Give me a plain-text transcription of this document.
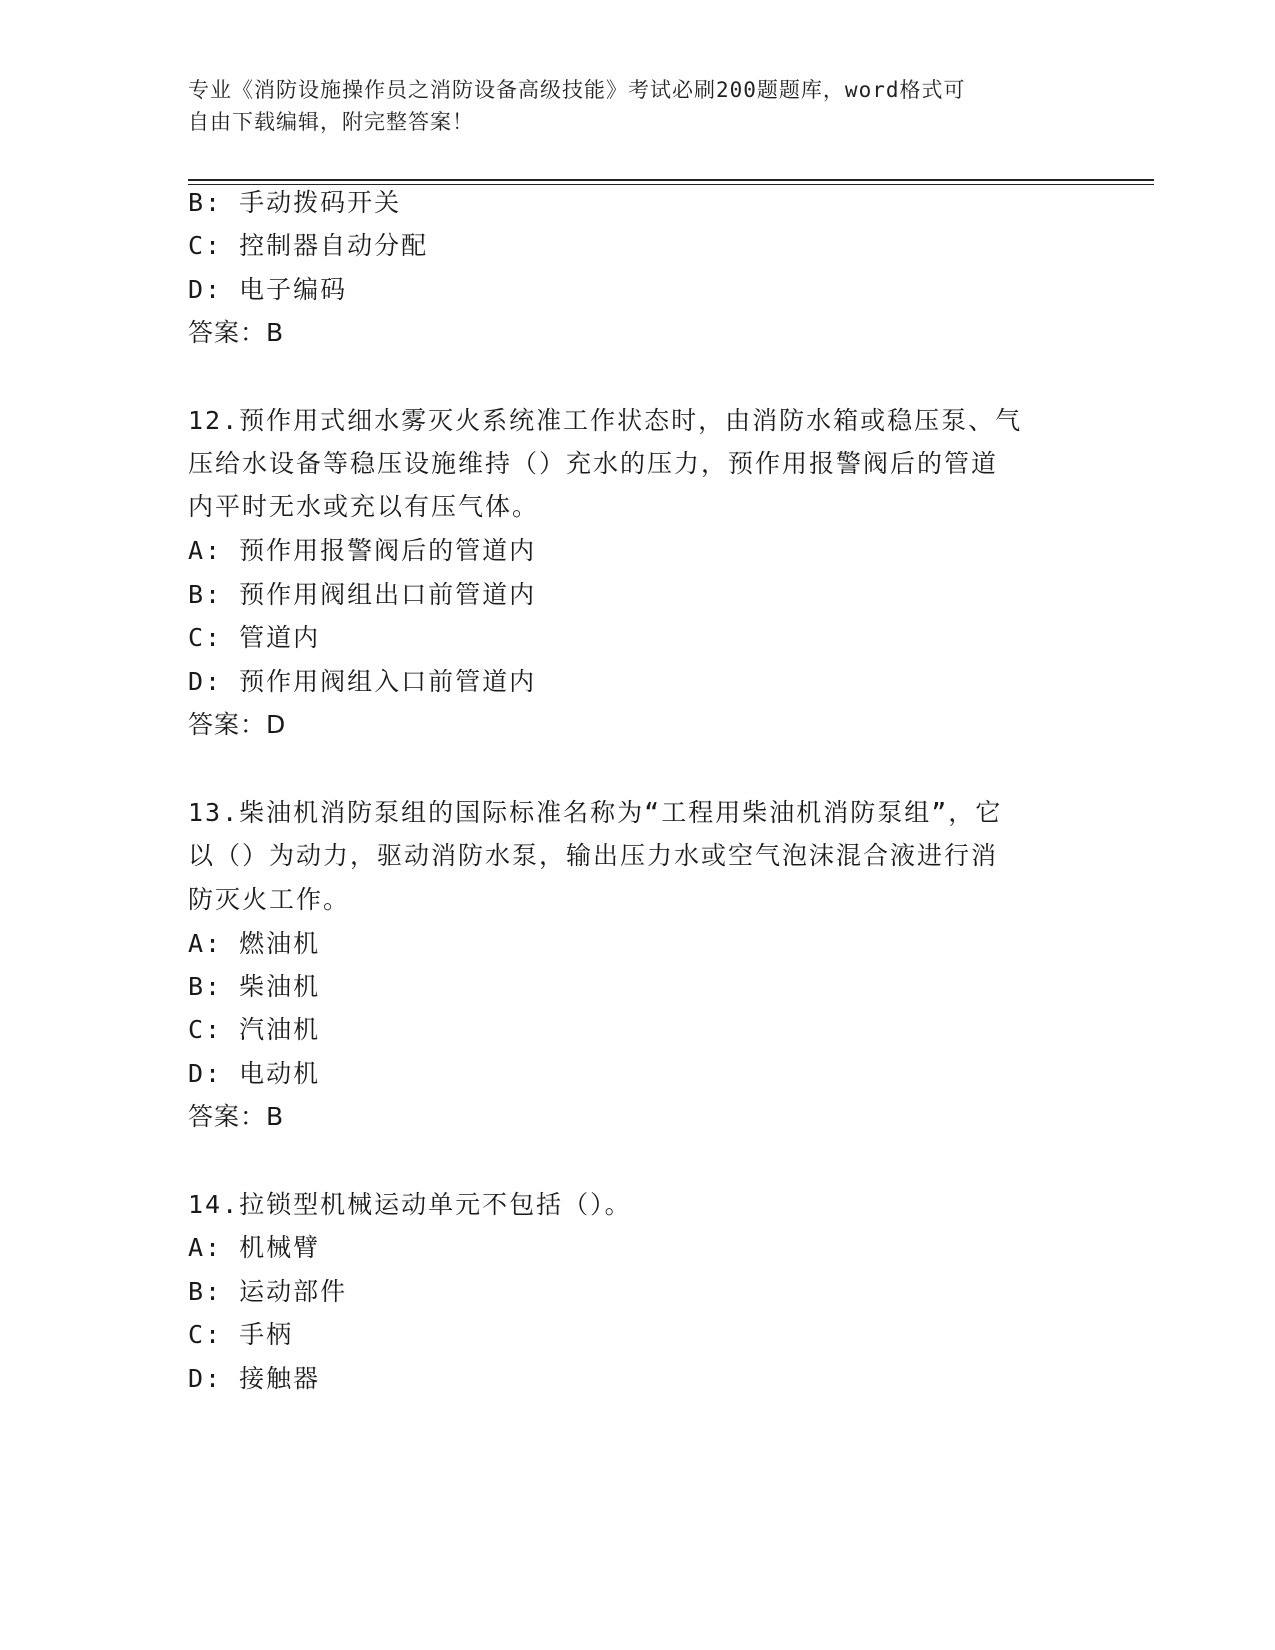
专业《消防设施操作员之消防设备高级技能》考试必刷200题题库，word格式可
自由下载编辑，附完整答案！
B: 手动拨码开关
C: 控制器自动分配
D: 电子编码
答案：B
12.预作用式细水雾灭火系统准工作状态时，由消防水箱或稳压泵、气
压给水设备等稳压设施维持（）充水的压力，预作用报警阀后的管道
内平时无水或充以有压气体。
A: 预作用报警阀后的管道内
B: 预作用阀组出口前管道内
C: 管道内
D: 预作用阀组入口前管道内
答案：D
13.柴油机消防泵组的国际标准名称为“工程用柴油机消防泵组”，它
以（）为动力，驱动消防水泵，输出压力水或空气泡沫混合液进行消
防灭火工作。
A: 燃油机
B: 柴油机
C: 汽油机
D: 电动机
答案：B
14.拉锁型机械运动单元不包括（）。
A: 机械臂
B: 运动部件
C: 手柄
D: 接触器
